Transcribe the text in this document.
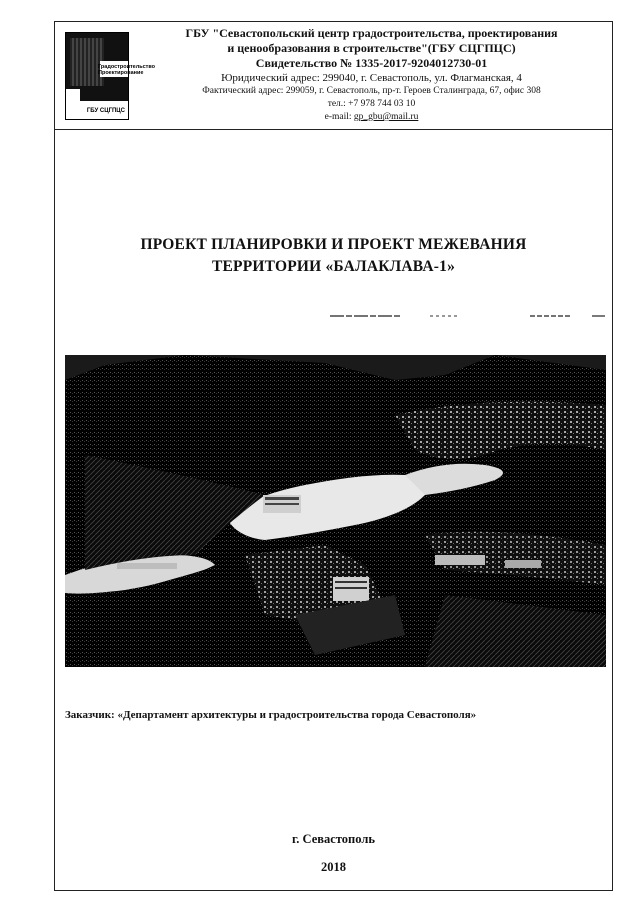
Градостроительство
Проектирование
ГБУ СЦГПЦС
ГБУ "Севастопольский центр градостроительства, проектирования
и ценообразования в строительстве"(ГБУ СЦГПЦС)
Свидетельство № 1335-2017-9204012730-01
Юридический адрес: 299040, г. Севастополь, ул. Флагманская, 4
Фактический адрес: 299059, г. Севастополь, пр-т. Героев Сталинграда, 67, офис 308
тел.: +7 978 744 03 10
e-mail: gp_gbu@mail.ru
ПРОЕКТ ПЛАНИРОВКИ И ПРОЕКТ МЕЖЕВАНИЯ
ТЕРРИТОРИИ «БАЛАКЛАВА-1»
Заказчик: «Департамент архитектуры и градостроительства города Севастополя»
г. Севастополь
2018
